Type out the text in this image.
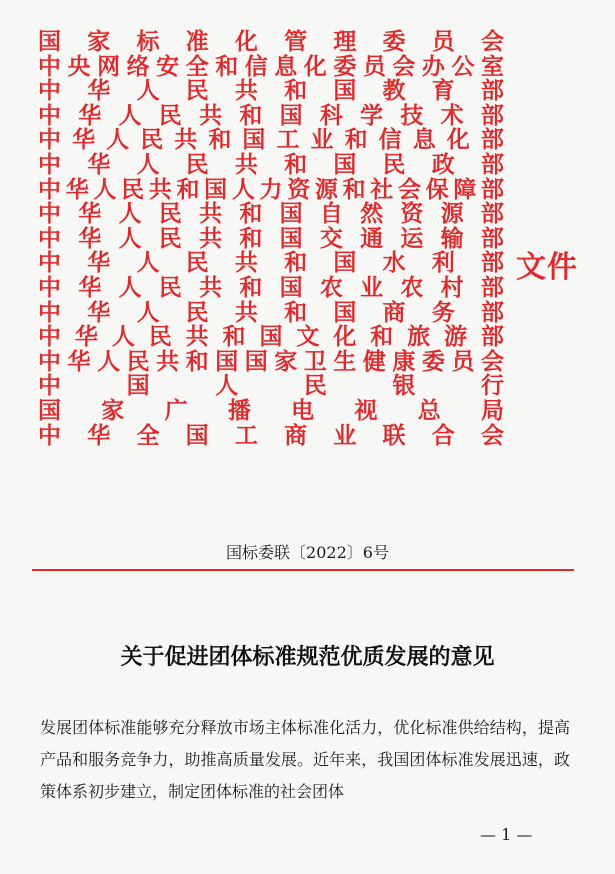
国 家 标 准 化 管 理 委 员 会
中 央 网 络 安 全 和 信 息 化 委 员 会 办 公 室
中 华 人 民 共 和 国 教 育 部
中 华 人 民 共 和 国 科 学 技 术 部
中 华 人 民 共 和 国 工 业 和 信 息 化 部
中 华 人 民 共 和 国 民 政 部
中 华 人 民 共 和 国 人 力 资 源 和 社 会 保 障 部
中 华 人 民 共 和 国 自 然 资 源 部
中 华 人 民 共 和 国 交 通 运 输 部
中 华 人 民 共 和 国 水 利 部
中 华 人 民 共 和 国 农 业 农 村 部
中 华 人 民 共 和 国 商 务 部
中 华 人 民 共 和 国 文 化 和 旅 游 部
中 华 人 民 共 和 国 国 家 卫 生 健 康 委 员 会
中	国	人	民	银	行
国 家 广 播 电 视 总 局
中 华 全 国 工 商 业 联 合 会
文件
国标委联〔2022〕6号
关于促进团体标准规范优质发展的意见
发展团体标准能够充分释放市场主体标准化活力，优化标准供给结构，提高产品和服务竞争力，助推高质量发展。近年来，我国团体标准发展迅速，政策体系初步建立，制定团体标准的社会团体
— 1 —
